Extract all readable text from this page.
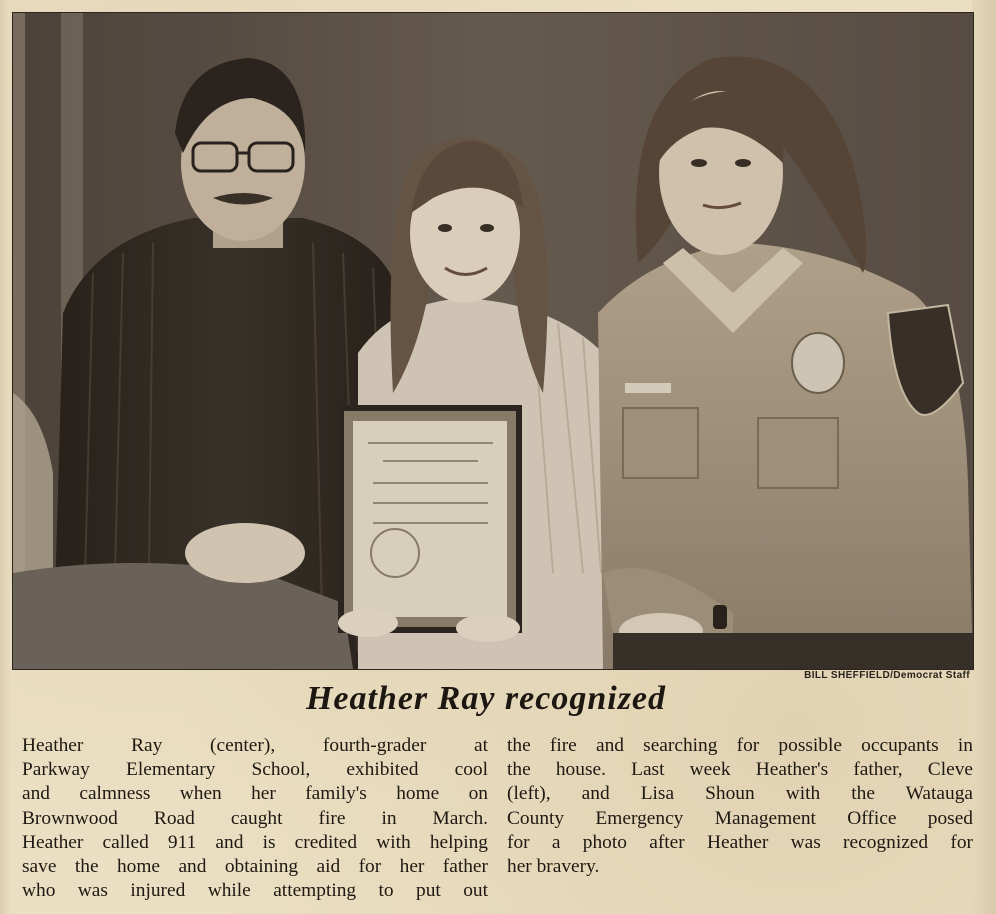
BILL SHEFFIELD/Democrat Staff
Heather Ray recognized
Heather Ray (center), fourth-grader at
Parkway Elementary School, exhibited cool
and calmness when her family's home on
Brownwood Road caught fire in March.
Heather called 911 and is credited with helping
save the home and obtaining aid for her father
who was injured while attempting to put out
the fire and searching for possible occupants in
the house. Last week Heather's father, Cleve
(left), and Lisa Shoun with the Watauga
County Emergency Management Office posed
for a photo after Heather was recognized for
her bravery.
